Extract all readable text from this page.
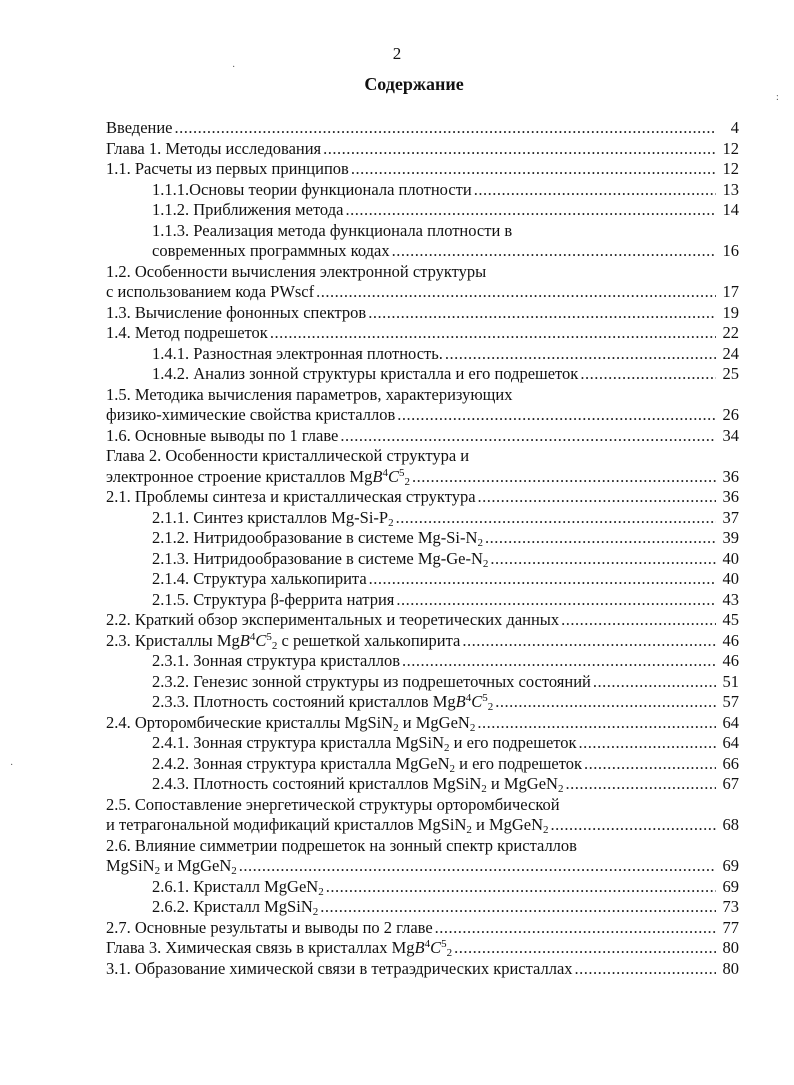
2
Содержание
·
:
·
Введение .....	4
Глава 1. Методы исследования .....	12
1.1. Расчеты из первых принципов .....	12
1.1.1.Основы теории функционала плотности .....	13
1.1.2. Приближения метода .....	14
1.1.3. Реализация метода функционала плотности в
современных программных кодах .....	16
1.2. Особенности вычисления электронной структуры
с использованием кода PWscf .....	17
1.3. Вычисление фононных спектров .....	19
1.4. Метод подрешеток .....	22
1.4.1. Разностная электронная плотность. .....	24
1.4.2. Анализ зонной структуры кристалла и его подрешеток .....	25
1.5. Методика вычисления параметров, характеризующих
физико-химические свойства кристаллов .....	26
1.6. Основные выводы по 1 главе .....	34
Глава 2. Особенности кристаллической структура и
электронное строение кристаллов $MgB^4C^5_2$ .....	36
2.1. Проблемы синтеза и кристаллическая структура .....	36
2.1.1. Синтез кристаллов $Mg-Si-P_2$ .....	37
2.1.2. Нитридообразование в системе $Mg-Si-N_2$ .....	39
2.1.3. Нитридообразование в системе $Mg-Ge-N_2$ .....	40
2.1.4. Структура халькопирита .....	40
2.1.5. Структура β-феррита натрия .....	43
2.2. Краткий обзор экспериментальных и теоретических данных .....	45
2.3. Кристаллы $MgB^4C^5_2$ с решеткой халькопирита .....	46
2.3.1. Зонная структура кристаллов .....	46
2.3.2. Генезис зонной структуры из подрешеточных состояний .....	51
2.3.3. Плотность состояний кристаллов $MgB^4C^5_2$ .....	57
2.4. Орторомбические кристаллы MgSiN$_2$ и MgGeN$_2$ .....	64
2.4.1. Зонная структура кристалла MgSiN$_2$ и его подрешеток .....	64
2.4.2. Зонная структура кристалла MgGeN$_2$ и его подрешеток .....	66
2.4.3. Плотность состояний кристаллов MgSiN$_2$ и MgGeN$_2$ .....	67
2.5. Сопоставление энергетической структуры орторомбической
и тетрагональной модификаций кристаллов MgSiN$_2$ и MgGeN$_2$ .....	68
2.6. Влияние симметрии подрешеток на зонный спектр кристаллов
MgSiN$_2$ и MgGeN$_2$ .....	69
2.6.1. Кристалл MgGeN$_2$ .....	69
2.6.2. Кристалл MgSiN$_2$ .....	73
2.7. Основные результаты и выводы по 2 главе .....	77
Глава 3. Химическая связь в кристаллах $MgB^4C^5_2$ .....	80
3.1. Образование химической связи в тетраэдрических кристаллах .....	80
